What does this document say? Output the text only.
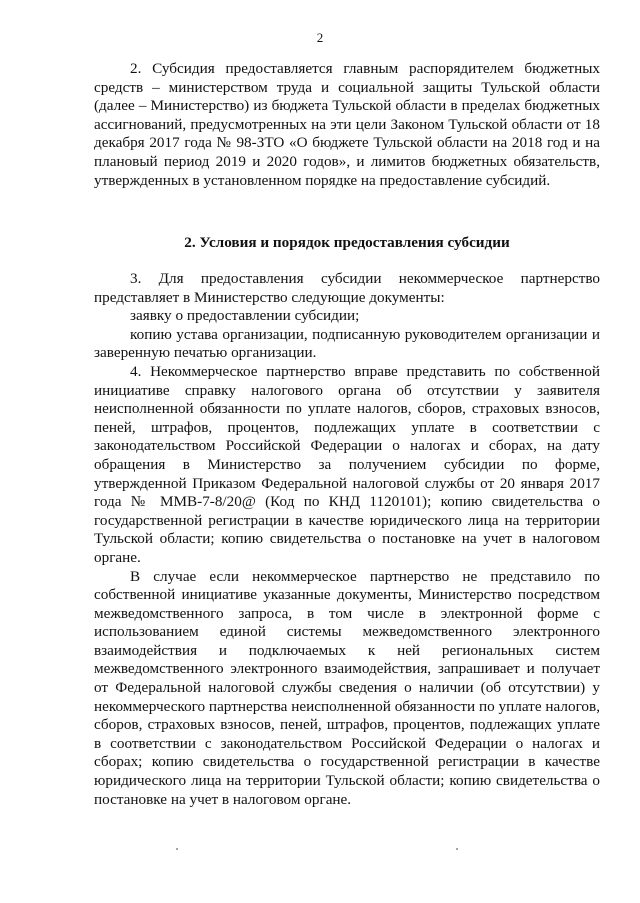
2

2. Субсидия предоставляется главным распорядителем бюджетных средств – министерством труда и социальной защиты Тульской области (далее – Министерство) из бюджета Тульской области в пределах бюджетных ассигнований, предусмотренных на эти цели Законом Тульской области от 18 декабря 2017 года № 98-ЗТО «О бюджете Тульской области на 2018 год и на плановый период 2019 и 2020 годов», и лимитов бюджетных обязательств, утвержденных в установленном порядке на предоставление субсидий.

2. Условия и порядок предоставления субсидии

3. Для предоставления субсидии некоммерческое партнерство представляет в Министерство следующие документы:

заявку о предоставлении субсидии;

копию устава организации, подписанную руководителем организации и заверенную печатью организации.

4. Некоммерческое партнерство вправе представить по собственной инициативе справку налогового органа об отсутствии у заявителя неисполненной обязанности по уплате налогов, сборов, страховых взносов, пеней, штрафов, процентов, подлежащих уплате в соответствии с законодательством Российской Федерации о налогах и сборах, на дату обращения в Министерство за получением субсидии по форме, утвержденной Приказом Федеральной налоговой службы от 20 января 2017 года № ММВ-7-8/20@ (Код по КНД 1120101); копию свидетельства о государственной регистрации в качестве юридического лица на территории Тульской области; копию свидетельства о постановке на учет в налоговом органе.

В случае если некоммерческое партнерство не представило по собственной инициативе указанные документы, Министерство посредством межведомственного запроса, в том числе в электронной форме с использованием единой системы межведомственного электронного взаимодействия и подключаемых к ней региональных систем межведомственного электронного взаимодействия, запрашивает и получает от Федеральной налоговой службы сведения о наличии (об отсутствии) у некоммерческого партнерства неисполненной обязанности по уплате налогов, сборов, страховых взносов, пеней, штрафов, процентов, подлежащих уплате в соответствии с законодательством Российской Федерации о налогах и сборах; копию свидетельства о государственной регистрации в качестве юридического лица на территории Тульской области; копию свидетельства о постановке на учет в налоговом органе.
